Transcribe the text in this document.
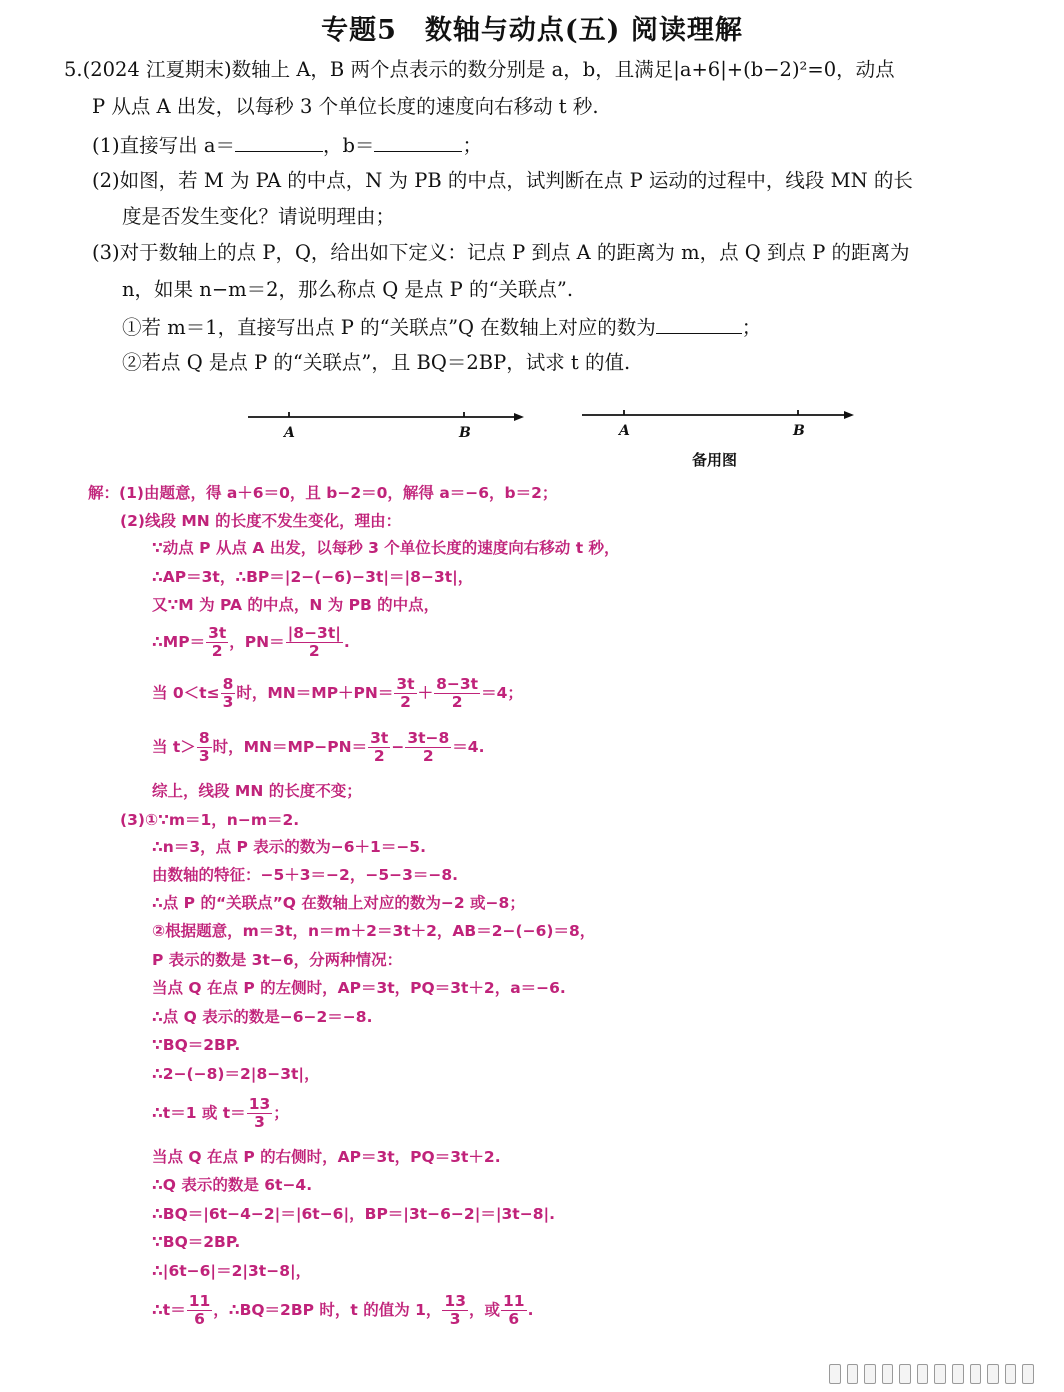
专题5　数轴与动点(五) 阅读理解
5.(2024 江夏期末)数轴上 A，B 两个点表示的数分别是 a，b，且满足|a+6|+(b−2)²=0，动点
P 从点 A 出发，以每秒 3 个单位长度的速度向右移动 t 秒.
(1)直接写出 a＝	，b＝	；
(2)如图，若 M 为 PA 的中点，N 为 PB 的中点，试判断在点 P 运动的过程中，线段 MN 的长
度是否发生变化？请说明理由；
(3)对于数轴上的点 P，Q，给出如下定义：记点 P 到点 A 的距离为 m，点 Q 到点 P 的距离为
n，如果 n−m＝2，那么称点 Q 是点 P 的“关联点”.
①若 m＝1，直接写出点 P 的“关联点”Q 在数轴上对应的数为	；
②若点 Q 是点 P 的“关联点”，且 BQ＝2BP，试求 t 的值.
A	B	A	B
备用图
解：(1)由题意，得 a＋6＝0，且 b−2＝0，解得 a＝−6，b＝2；
(2)线段 MN 的长度不发生变化，理由：
∵动点 P 从点 A 出发，以每秒 3 个单位长度的速度向右移动 t 秒，
∴AP＝3t，∴BP＝|2−(−6)−3t|＝|8−3t|，
又∵M 为 PA 的中点，N 为 PB 的中点，
∴MP＝ $\frac{3t}{2}$ ，$PN= \frac{|8-3t|}{2}$ .
当 $0<t\le \frac{8}{3}$ 时，$MN=MP+PN= \frac{3t}{2} + \frac{8-3t}{2} =4$；
当 $t> \frac{8}{3}$ 时，$MN=MP-PN= \frac{3t}{2} - \frac{3t-8}{2} =4$.
综上，线段 MN 的长度不变；
(3)①∵m＝1，n−m＝2.
∴n＝3，点 P 表示的数为−6＋1＝−5.
由数轴的特征：−5＋3＝−2，−5−3＝−8.
∴点 P 的“关联点”Q 在数轴上对应的数为−2 或−8；
②根据题意，m＝3t，n＝m＋2＝3t＋2，AB＝2−(−6)＝8，
P 表示的数是 3t−6，分两种情况：
当点 Q 在点 P 的左侧时，AP＝3t，PQ＝3t＋2，a＝−6.
∴点 Q 表示的数是−6−2＝−8.
∵BQ＝2BP.
∴2−(−8)＝2|8−3t|，
∴t＝1 或 $t= \frac{13}{3}$ ；
当点 Q 在点 P 的右侧时，AP＝3t，PQ＝3t＋2.
∴Q 表示的数是 6t−4.
∴BQ＝|6t−4−2|＝|6t−6|，BP＝|3t−6−2|＝|3t−8|.
∵BQ＝2BP.
∴|6t−6|＝2|3t−8|，
∴t＝ $\frac{11}{6}$ ，∴BQ＝2BP 时，t 的值为 1， $\frac{13}{3}$ ，或 $\frac{11}{6}$ .
